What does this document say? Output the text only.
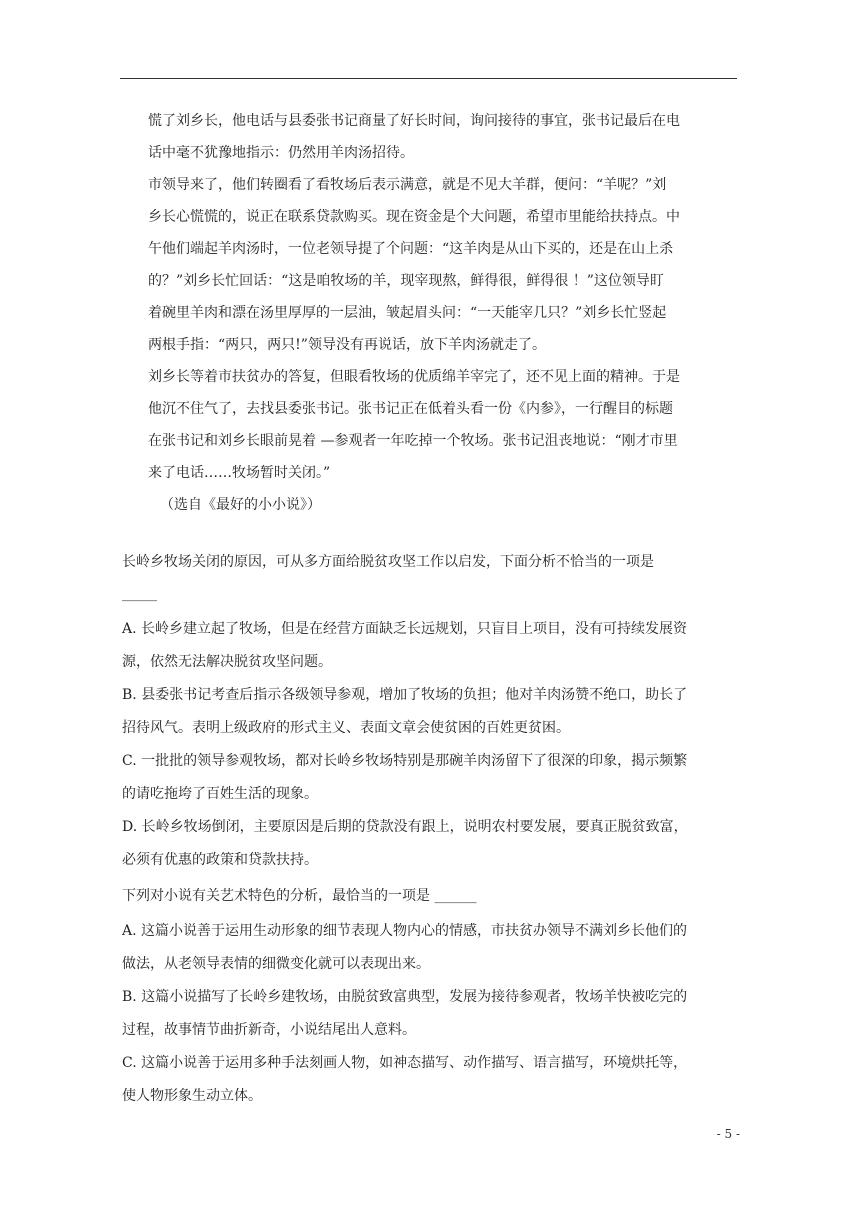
慌了刘乡长，他电话与县委张书记商量了好长时间，询问接待的事宜，张书记最后在电
话中毫不犹豫地指示：仍然用羊肉汤招待。
市领导来了，他们转圈看了看牧场后表示满意，就是不见大羊群，便问：“羊呢？”刘
乡长心慌慌的，说正在联系贷款购买。现在资金是个大问题，希望市里能给扶持点。中
午他们端起羊肉汤时，一位老领导提了个问题：“这羊肉是从山下买的，还是在山上杀
的？”刘乡长忙回话：“这是咱牧场的羊，现宰现熬，鲜得很，鲜得很 ！”这位领导盯
着碗里羊肉和漂在汤里厚厚的一层油，皱起眉头问：“一天能宰几只？”刘乡长忙竖起
两根手指：“两只，两只!”领导没有再说话，放下羊肉汤就走了。
刘乡长等着市扶贫办的答复，但眼看牧场的优质绵羊宰完了，还不见上面的精神。于是
他沉不住气了，去找县委张书记。张书记正在低着头看一份《内参》，一行醒目的标题
在张书记和刘乡长眼前晃着 —参观者一年吃掉一个牧场。张书记沮丧地说：“刚才市里
来了电话……牧场暂时关闭。”
（选自《最好的小小说》）
长岭乡牧场关闭的原因，可从多方面给脱贫攻坚工作以启发，下面分析不恰当的一项是
_____
A. 长岭乡建立起了牧场，但是在经营方面缺乏长远规划，只盲目上项目，没有可持续发展资
源，依然无法解决脱贫攻坚问题。
B. 县委张书记考查后指示各级领导参观，增加了牧场的负担；他对羊肉汤赞不绝口，助长了
招待风气。表明上级政府的形式主义、表面文章会使贫困的百姓更贫困。
C. 一批批的领导参观牧场，都对长岭乡牧场特别是那碗羊肉汤留下了很深的印象，揭示频繁
的请吃拖垮了百姓生活的现象。
D. 长岭乡牧场倒闭，主要原因是后期的贷款没有跟上，说明农村要发展，要真正脱贫致富，
必须有优惠的政策和贷款扶持。
下列对小说有关艺术特色的分析，最恰当的一项是 ______
A. 这篇小说善于运用生动形象的细节表现人物内心的情感，市扶贫办领导不满刘乡长他们的
做法，从老领导表情的细微变化就可以表现出来。
B. 这篇小说描写了长岭乡建牧场，由脱贫致富典型，发展为接待参观者，牧场羊快被吃完的
过程，故事情节曲折新奇，小说结尾出人意料。
C. 这篇小说善于运用多种手法刻画人物，如神态描写、动作描写、语言描写，环境烘托等，
使人物形象生动立体。
- 5 -
